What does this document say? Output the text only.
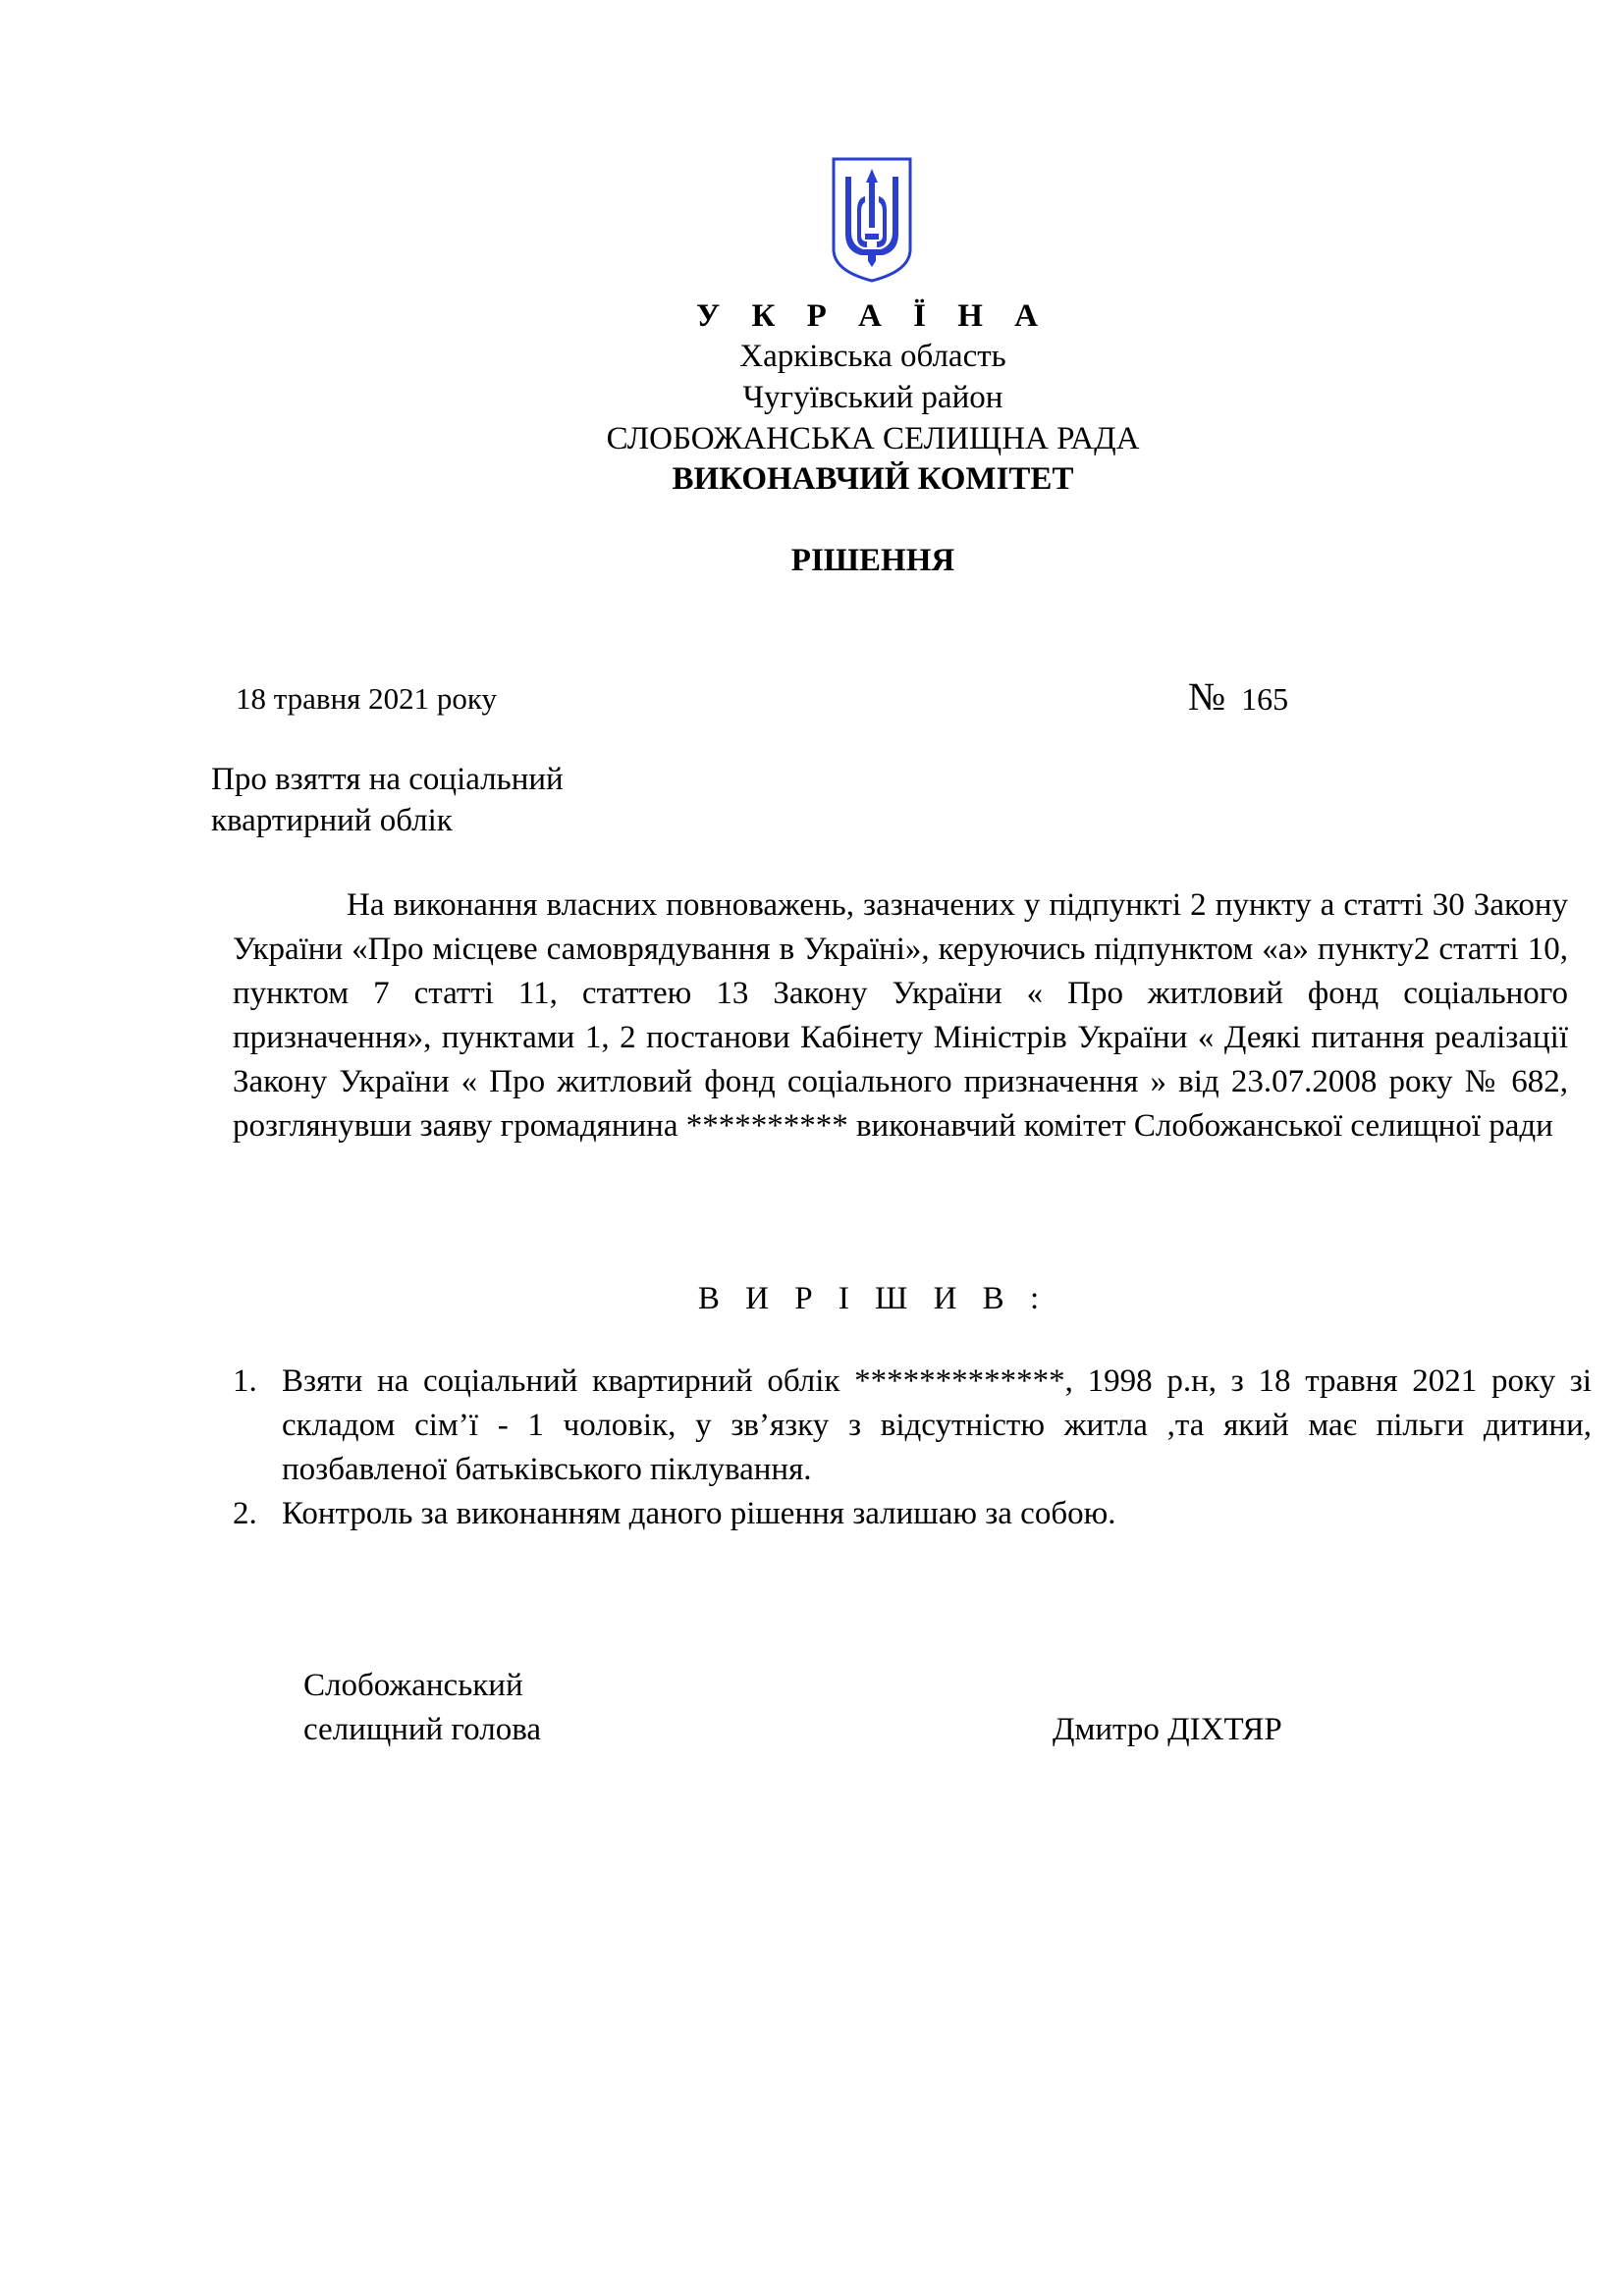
У К Р А Ї Н А
Харківська область
Чугуївський район
СЛОБОЖАНСЬКА СЕЛИЩНА РАДА
ВИКОНАВЧИЙ КОМІТЕТ
РІШЕННЯ
18 травня 2021 року	№ 165
Про взяття на соціальний
квартирний облік

На виконання власних повноважень, зазначених у підпункті 2 пункту а статті 30 Закону України «Про місцеве самоврядування в Україні», керуючись підпунктом «а» пункту2 статті 10, пунктом 7 статті 11, статтею 13 Закону України « Про житловий фонд соціального призначення», пунктами 1, 2 постанови Кабінету Міністрів України « Деякі питання реалізації Закону України « Про житловий фонд соціального призначення » від 23.07.2008 року № 682, розглянувши заяву громадянина ********** виконавчий комітет Слобожанської селищної ради

В И Р І Ш И В :
1. Взяти на соціальний квартирний облік *************, 1998 р.н, з 18 травня 2021 року зі складом сім’ї - 1 чоловік, у зв’язку з відсутністю житла ,та який має пільги дитини, позбавленої батьківського піклування.
2. Контроль за виконанням даного рішення залишаю за собою.
Слобожанський
селищний голова	Дмитро ДІХТЯР
